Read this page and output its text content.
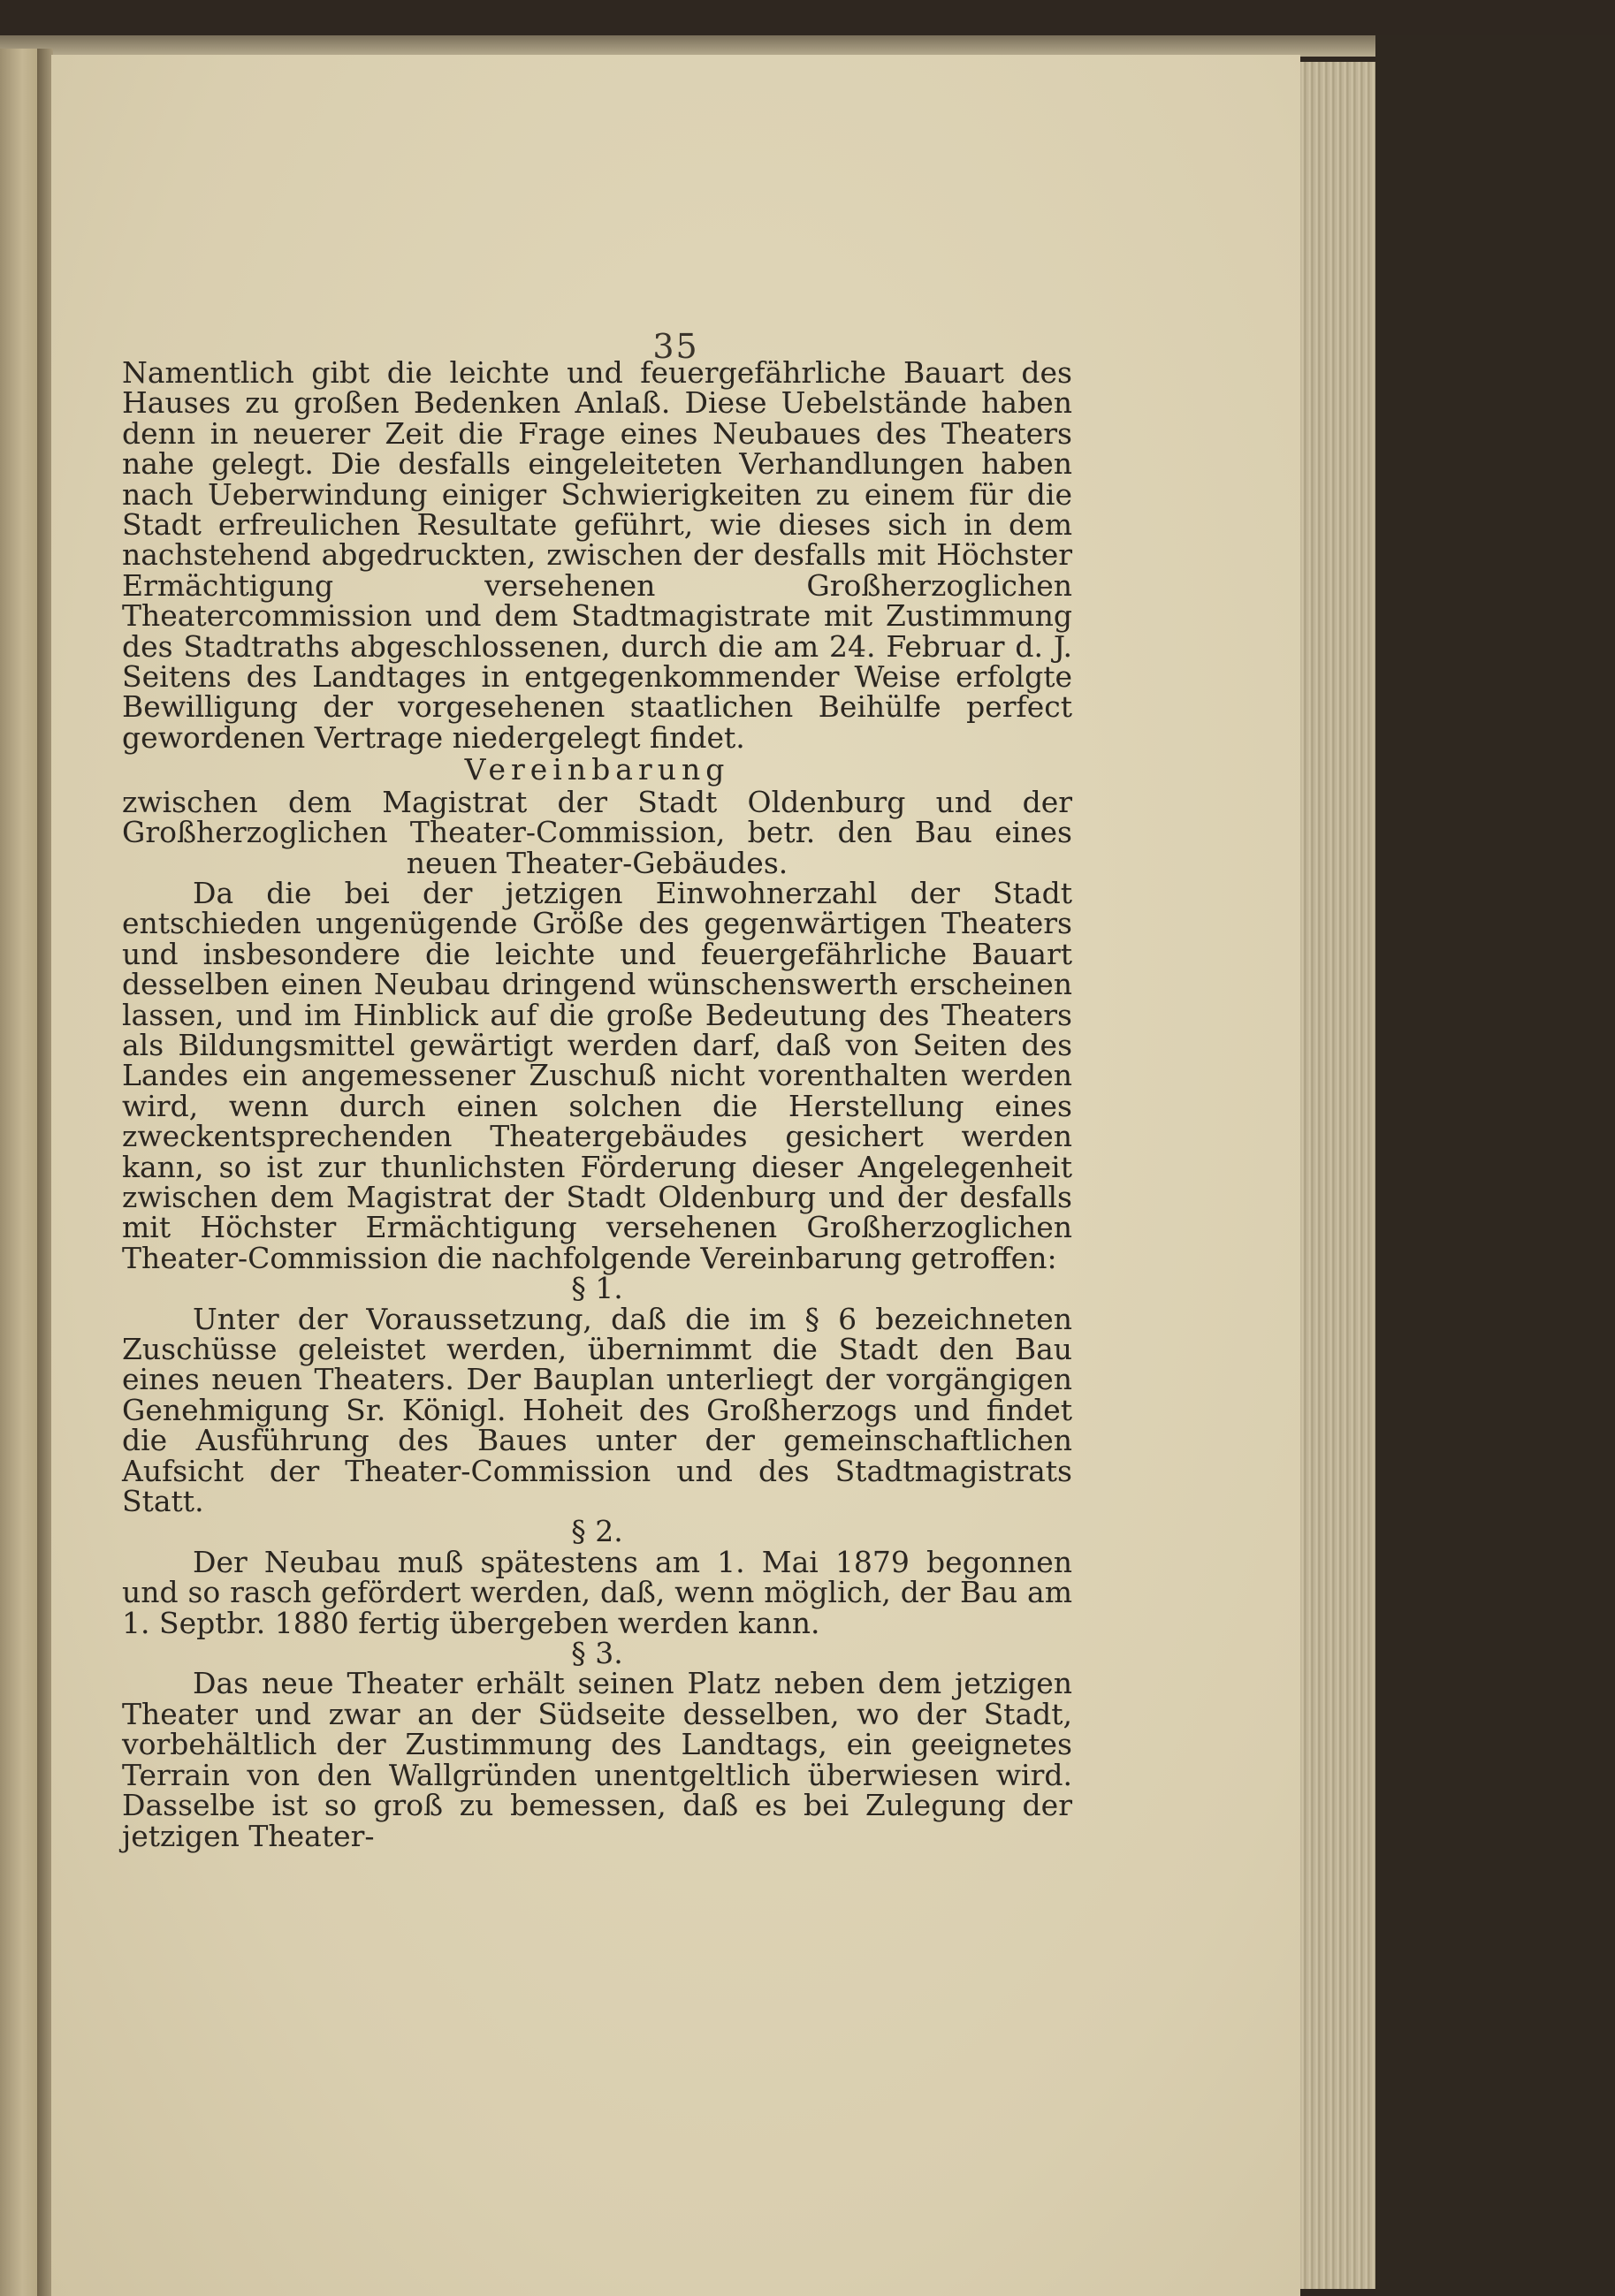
35

Namentlich gibt die leichte und feuergefährliche Bauart des Hauses zu großen Bedenken Anlaß. Diese Uebelstände haben denn in neuerer Zeit die Frage eines Neubaues des Theaters nahe gelegt. Die desfalls eingeleiteten Verhandlungen haben nach Ueberwindung einiger Schwierigkeiten zu einem für die Stadt erfreulichen Resultate geführt, wie dieses sich in dem nachstehend abgedruckten, zwischen der desfalls mit Höchster Ermächtigung versehenen Großherzoglichen Theatercommission und dem Stadtmagistrate mit Zustimmung des Stadtraths abgeschlossenen, durch die am 24. Februar d. J. Seitens des Landtages in entgegenkommender Weise erfolgte Bewilligung der vorgesehenen staatlichen Beihülfe perfect gewordenen Vertrage niedergelegt findet.

Vereinbarung

zwischen dem Magistrat der Stadt Oldenburg und der Großherzoglichen Theater-Commission, betr. den Bau eines neuen Theater-Gebäudes.

Da die bei der jetzigen Einwohnerzahl der Stadt entschieden ungenügende Größe des gegenwärtigen Theaters und insbesondere die leichte und feuergefährliche Bauart desselben einen Neubau dringend wünschenswerth erscheinen lassen, und im Hinblick auf die große Bedeutung des Theaters als Bildungsmittel gewärtigt werden darf, daß von Seiten des Landes ein angemessener Zuschuß nicht vorenthalten werden wird, wenn durch einen solchen die Herstellung eines zweckentsprechenden Theatergebäudes gesichert werden kann, so ist zur thunlichsten Förderung dieser Angelegenheit zwischen dem Magistrat der Stadt Oldenburg und der desfalls mit Höchster Ermächtigung versehenen Großherzoglichen Theater-Commission die nachfolgende Vereinbarung getroffen:

§ 1.

Unter der Voraussetzung, daß die im § 6 bezeichneten Zuschüsse geleistet werden, übernimmt die Stadt den Bau eines neuen Theaters. Der Bauplan unterliegt der vorgängigen Genehmigung Sr. Königl. Hoheit des Großherzogs und findet die Ausführung des Baues unter der gemeinschaftlichen Aufsicht der Theater-Commission und des Stadtmagistrats Statt.

§ 2.

Der Neubau muß spätestens am 1. Mai 1879 begonnen und so rasch gefördert werden, daß, wenn möglich, der Bau am 1. Septbr. 1880 fertig übergeben werden kann.

§ 3.

Das neue Theater erhält seinen Platz neben dem jetzigen Theater und zwar an der Südseite desselben, wo der Stadt, vorbehältlich der Zustimmung des Landtags, ein geeignetes Terrain von den Wallgründen unentgeltlich überwiesen wird. Dasselbe ist so groß zu bemessen, daß es bei Zulegung der jetzigen Theater-
